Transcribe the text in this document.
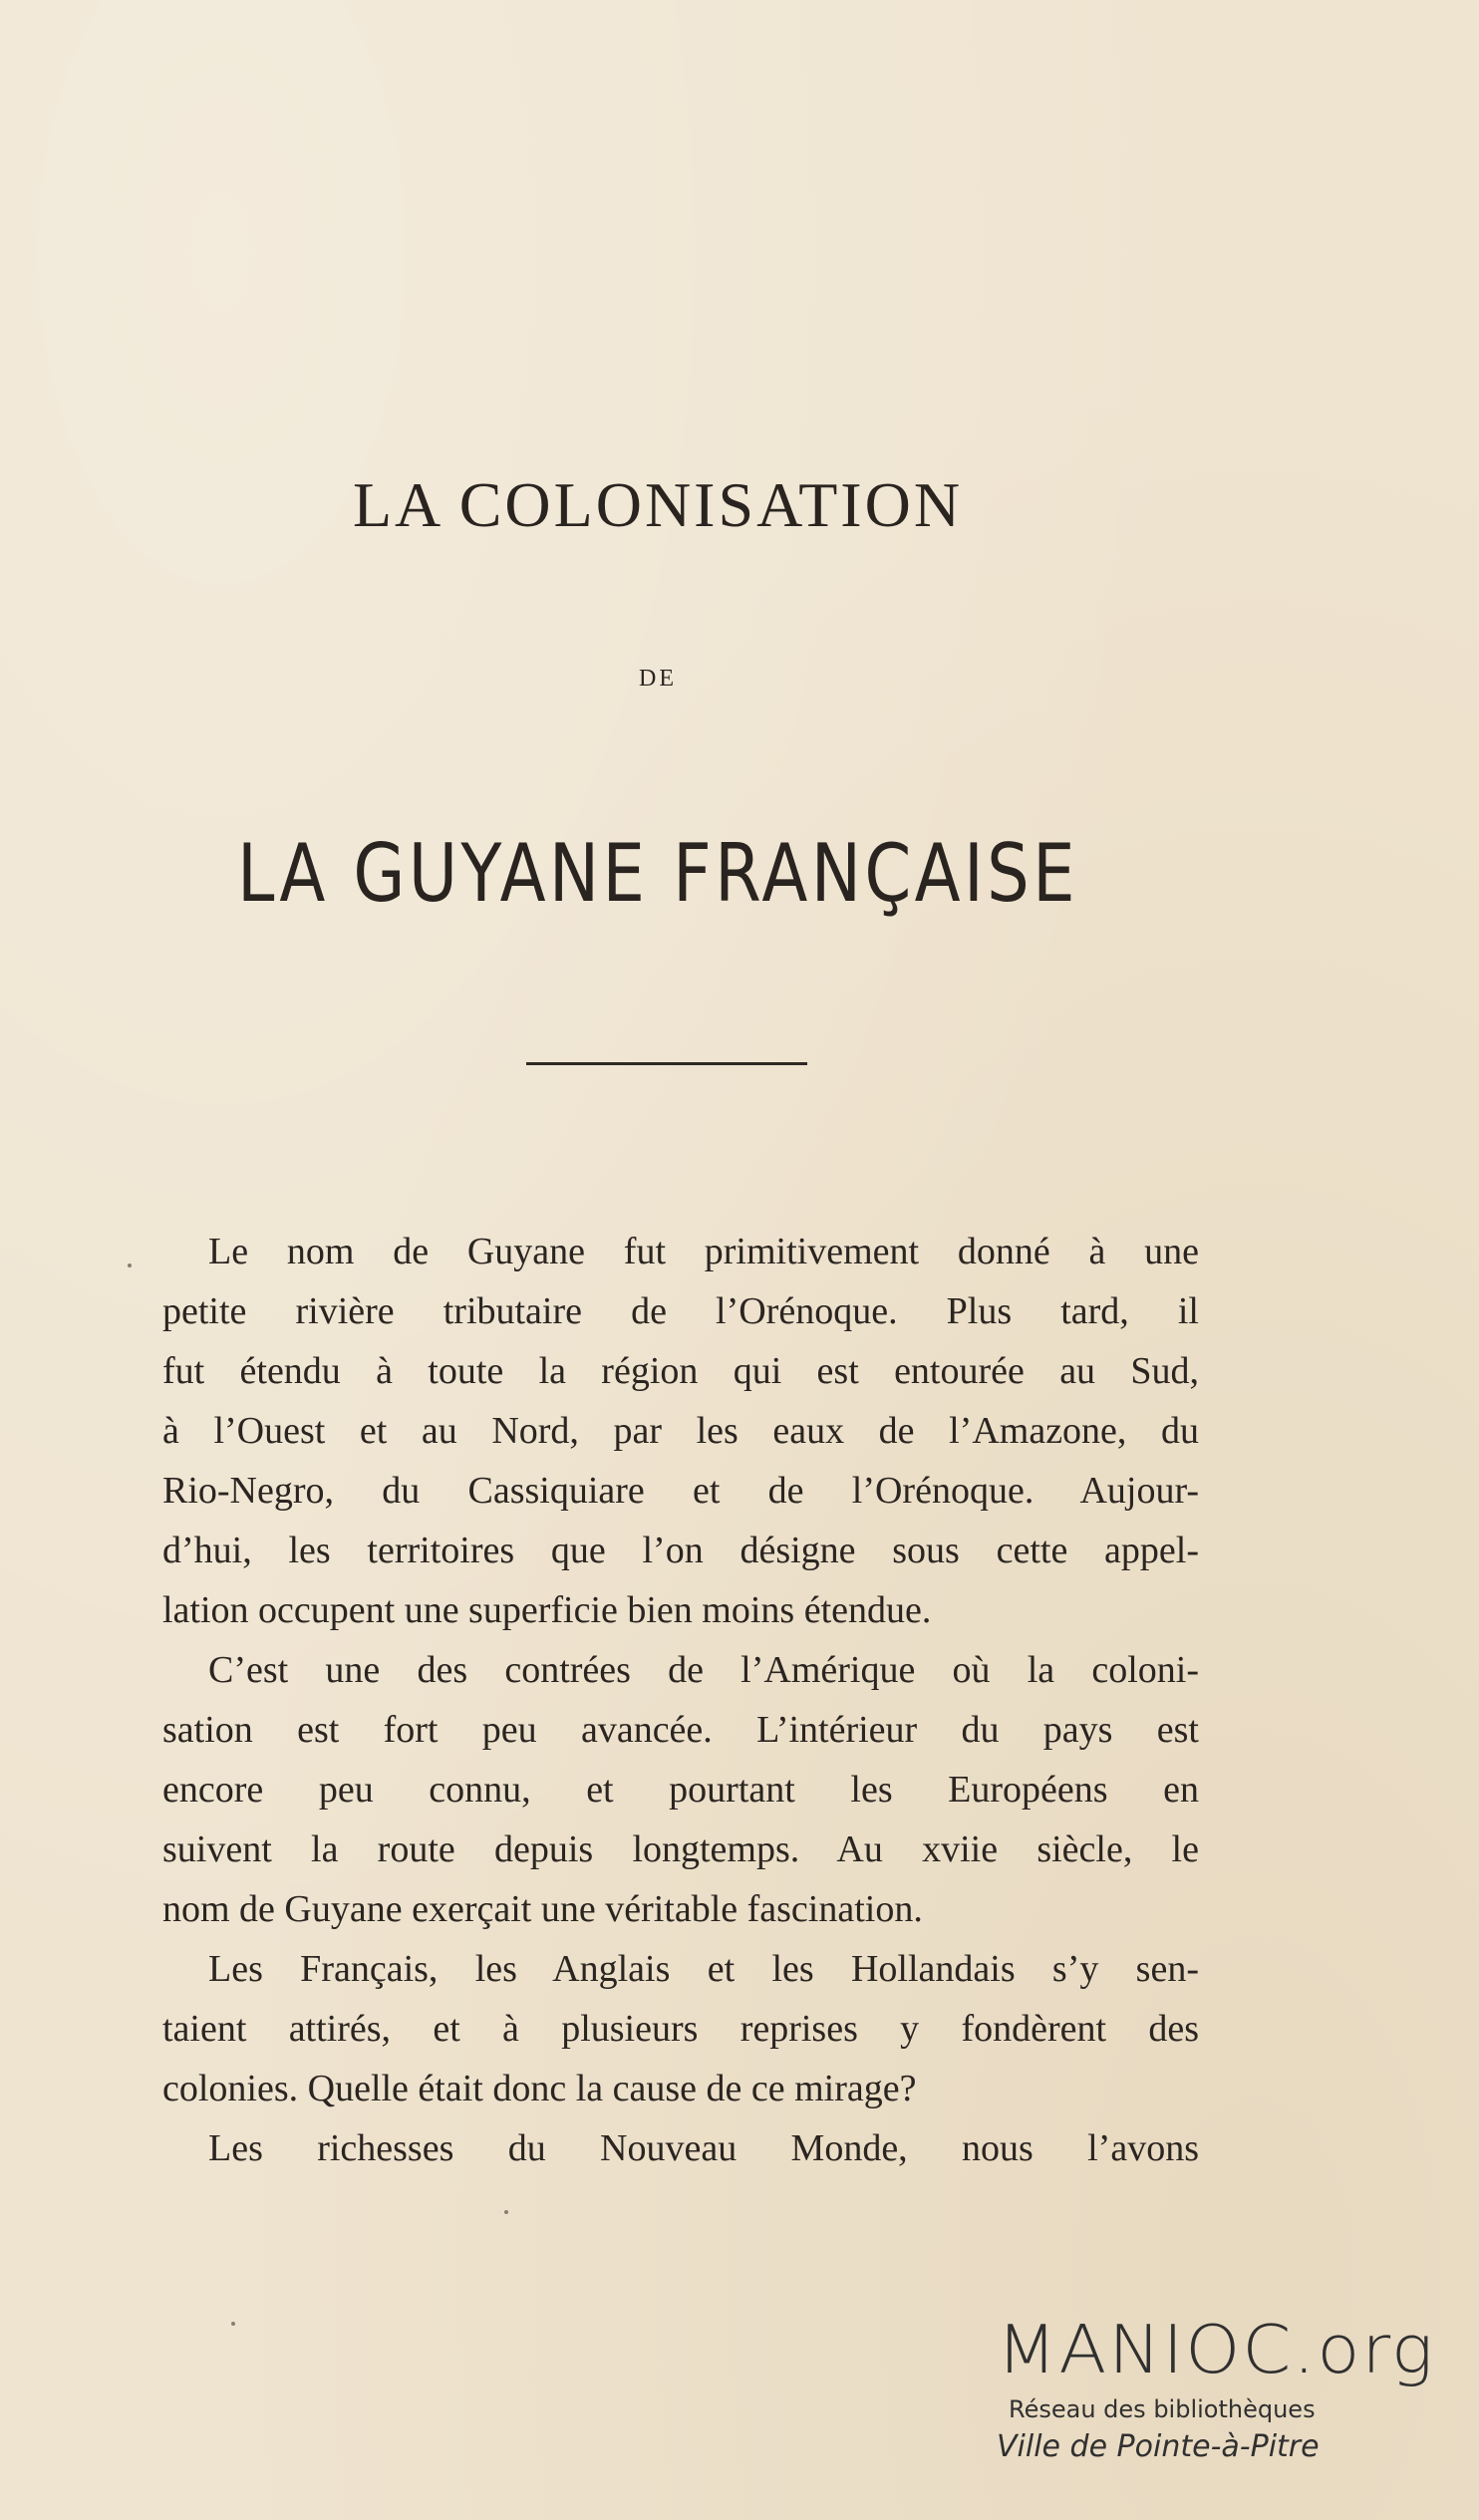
LA COLONISATION
DE
LA GUYANE FRANÇAISE
Le nom de Guyane fut primitivement donné à une
petite rivière tributaire de l’Orénoque. Plus tard, il
fut étendu à toute la région qui est entourée au Sud,
à l’Ouest et au Nord, par les eaux de l’Amazone, du
Rio-Negro, du Cassiquiare et de l’Orénoque. Aujour-
d’hui, les territoires que l’on désigne sous cette appel-
lation occupent une superficie bien moins étendue.
C’est une des contrées de l’Amérique où la coloni-
sation est fort peu avancée. L’intérieur du pays est
encore peu connu, et pourtant les Européens en
suivent la route depuis longtemps. Au xviie siècle, le
nom de Guyane exerçait une véritable fascination.
Les Français, les Anglais et les Hollandais s’y sen-
taient attirés, et à plusieurs reprises y fondèrent des
colonies. Quelle était donc la cause de ce mirage?
Les richesses du Nouveau Monde, nous l’avons
MANIOC.org
Réseau des bibliothèques
Ville de Pointe-à-Pitre
